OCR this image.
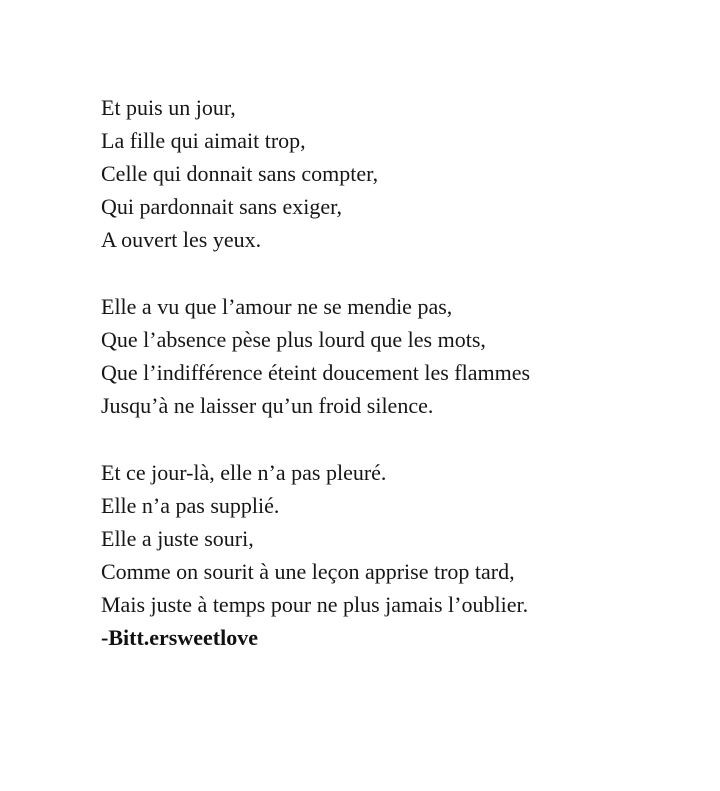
Et puis un jour,
La fille qui aimait trop,
Celle qui donnait sans compter,
Qui pardonnait sans exiger,
A ouvert les yeux.
Elle a vu que l’amour ne se mendie pas,
Que l’absence pèse plus lourd que les mots,
Que l’indifférence éteint doucement les flammes
Jusqu’à ne laisser qu’un froid silence.
Et ce jour-là, elle n’a pas pleuré.
Elle n’a pas supplié.
Elle a juste souri,
Comme on sourit à une leçon apprise trop tard,
Mais juste à temps pour ne plus jamais l’oublier.
-Bitt.ersweetlove
